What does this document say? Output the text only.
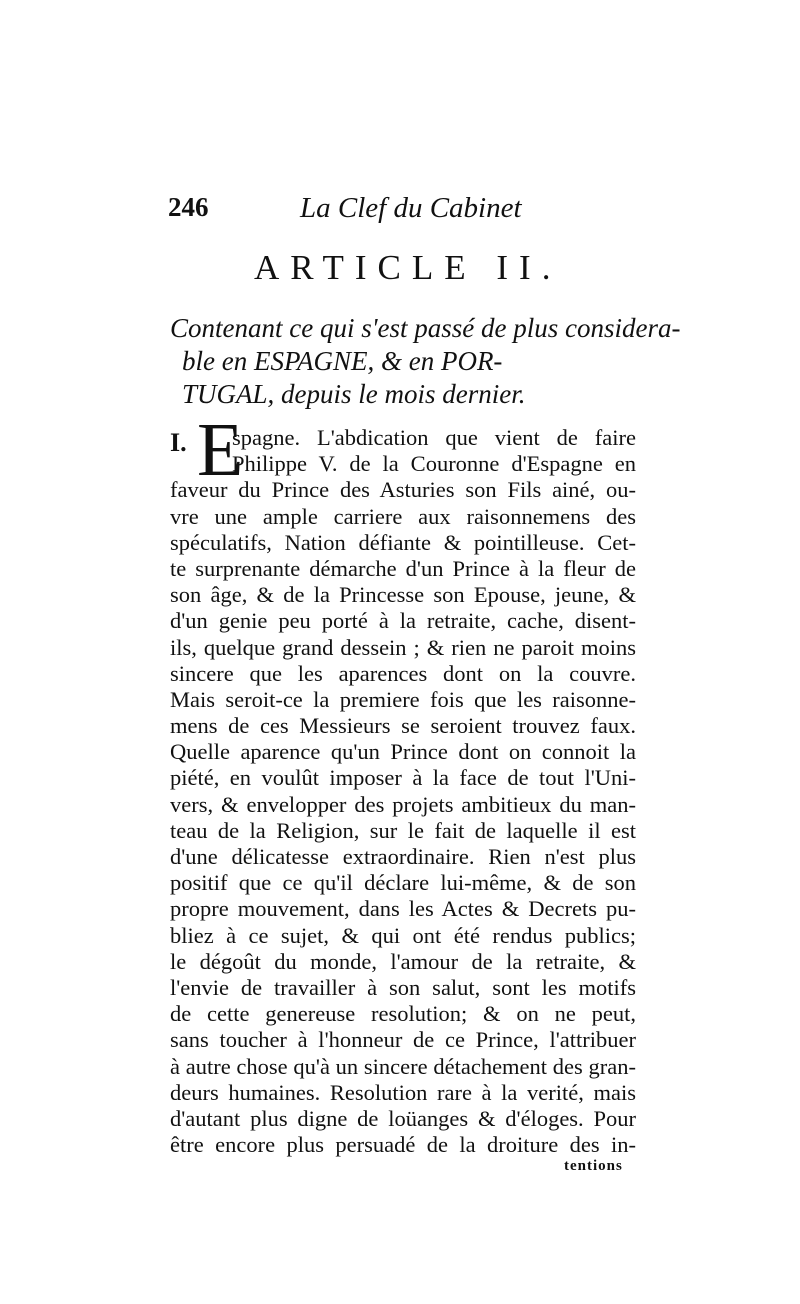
246	La Clef du Cabinet
ARTICLE II.
Contenant ce qui s'est passé de plus considera-
ble en ESPAGNE, & en POR-
TUGAL, depuis le mois dernier.
I. E
spagne. L'abdication que vient de faire
Philippe V. de la Couronne d'Espagne en
faveur du Prince des Asturies son Fils ainé, ou-
vre une ample carriere aux raisonnemens des
spéculatifs, Nation défiante & pointilleuse. Cet-
te surprenante démarche d'un Prince à la fleur de
son âge, & de la Princesse son Epouse, jeune, &
d'un genie peu porté à la retraite, cache, disent-
ils, quelque grand dessein ; & rien ne paroit moins
sincere que les aparences dont on la couvre.
Mais seroit-ce la premiere fois que les raisonne-
mens de ces Messieurs se seroient trouvez faux.
Quelle aparence qu'un Prince dont on connoit la
piété, en voulût imposer à la face de tout l'Uni-
vers, & envelopper des projets ambitieux du man-
teau de la Religion, sur le fait de laquelle il est
d'une délicatesse extraordinaire. Rien n'est plus
positif que ce qu'il déclare lui-même, & de son
propre mouvement, dans les Actes & Decrets pu-
bliez à ce sujet, & qui ont été rendus publics;
le dégoût du monde, l'amour de la retraite, &
l'envie de travailler à son salut, sont les motifs
de cette genereuse resolution; & on ne peut,
sans toucher à l'honneur de ce Prince, l'attribuer
à autre chose qu'à un sincere détachement des gran-
deurs humaines. Resolution rare à la verité, mais
d'autant plus digne de loüanges & d'éloges. Pour
être encore plus persuadé de la droiture des in-
tentions
